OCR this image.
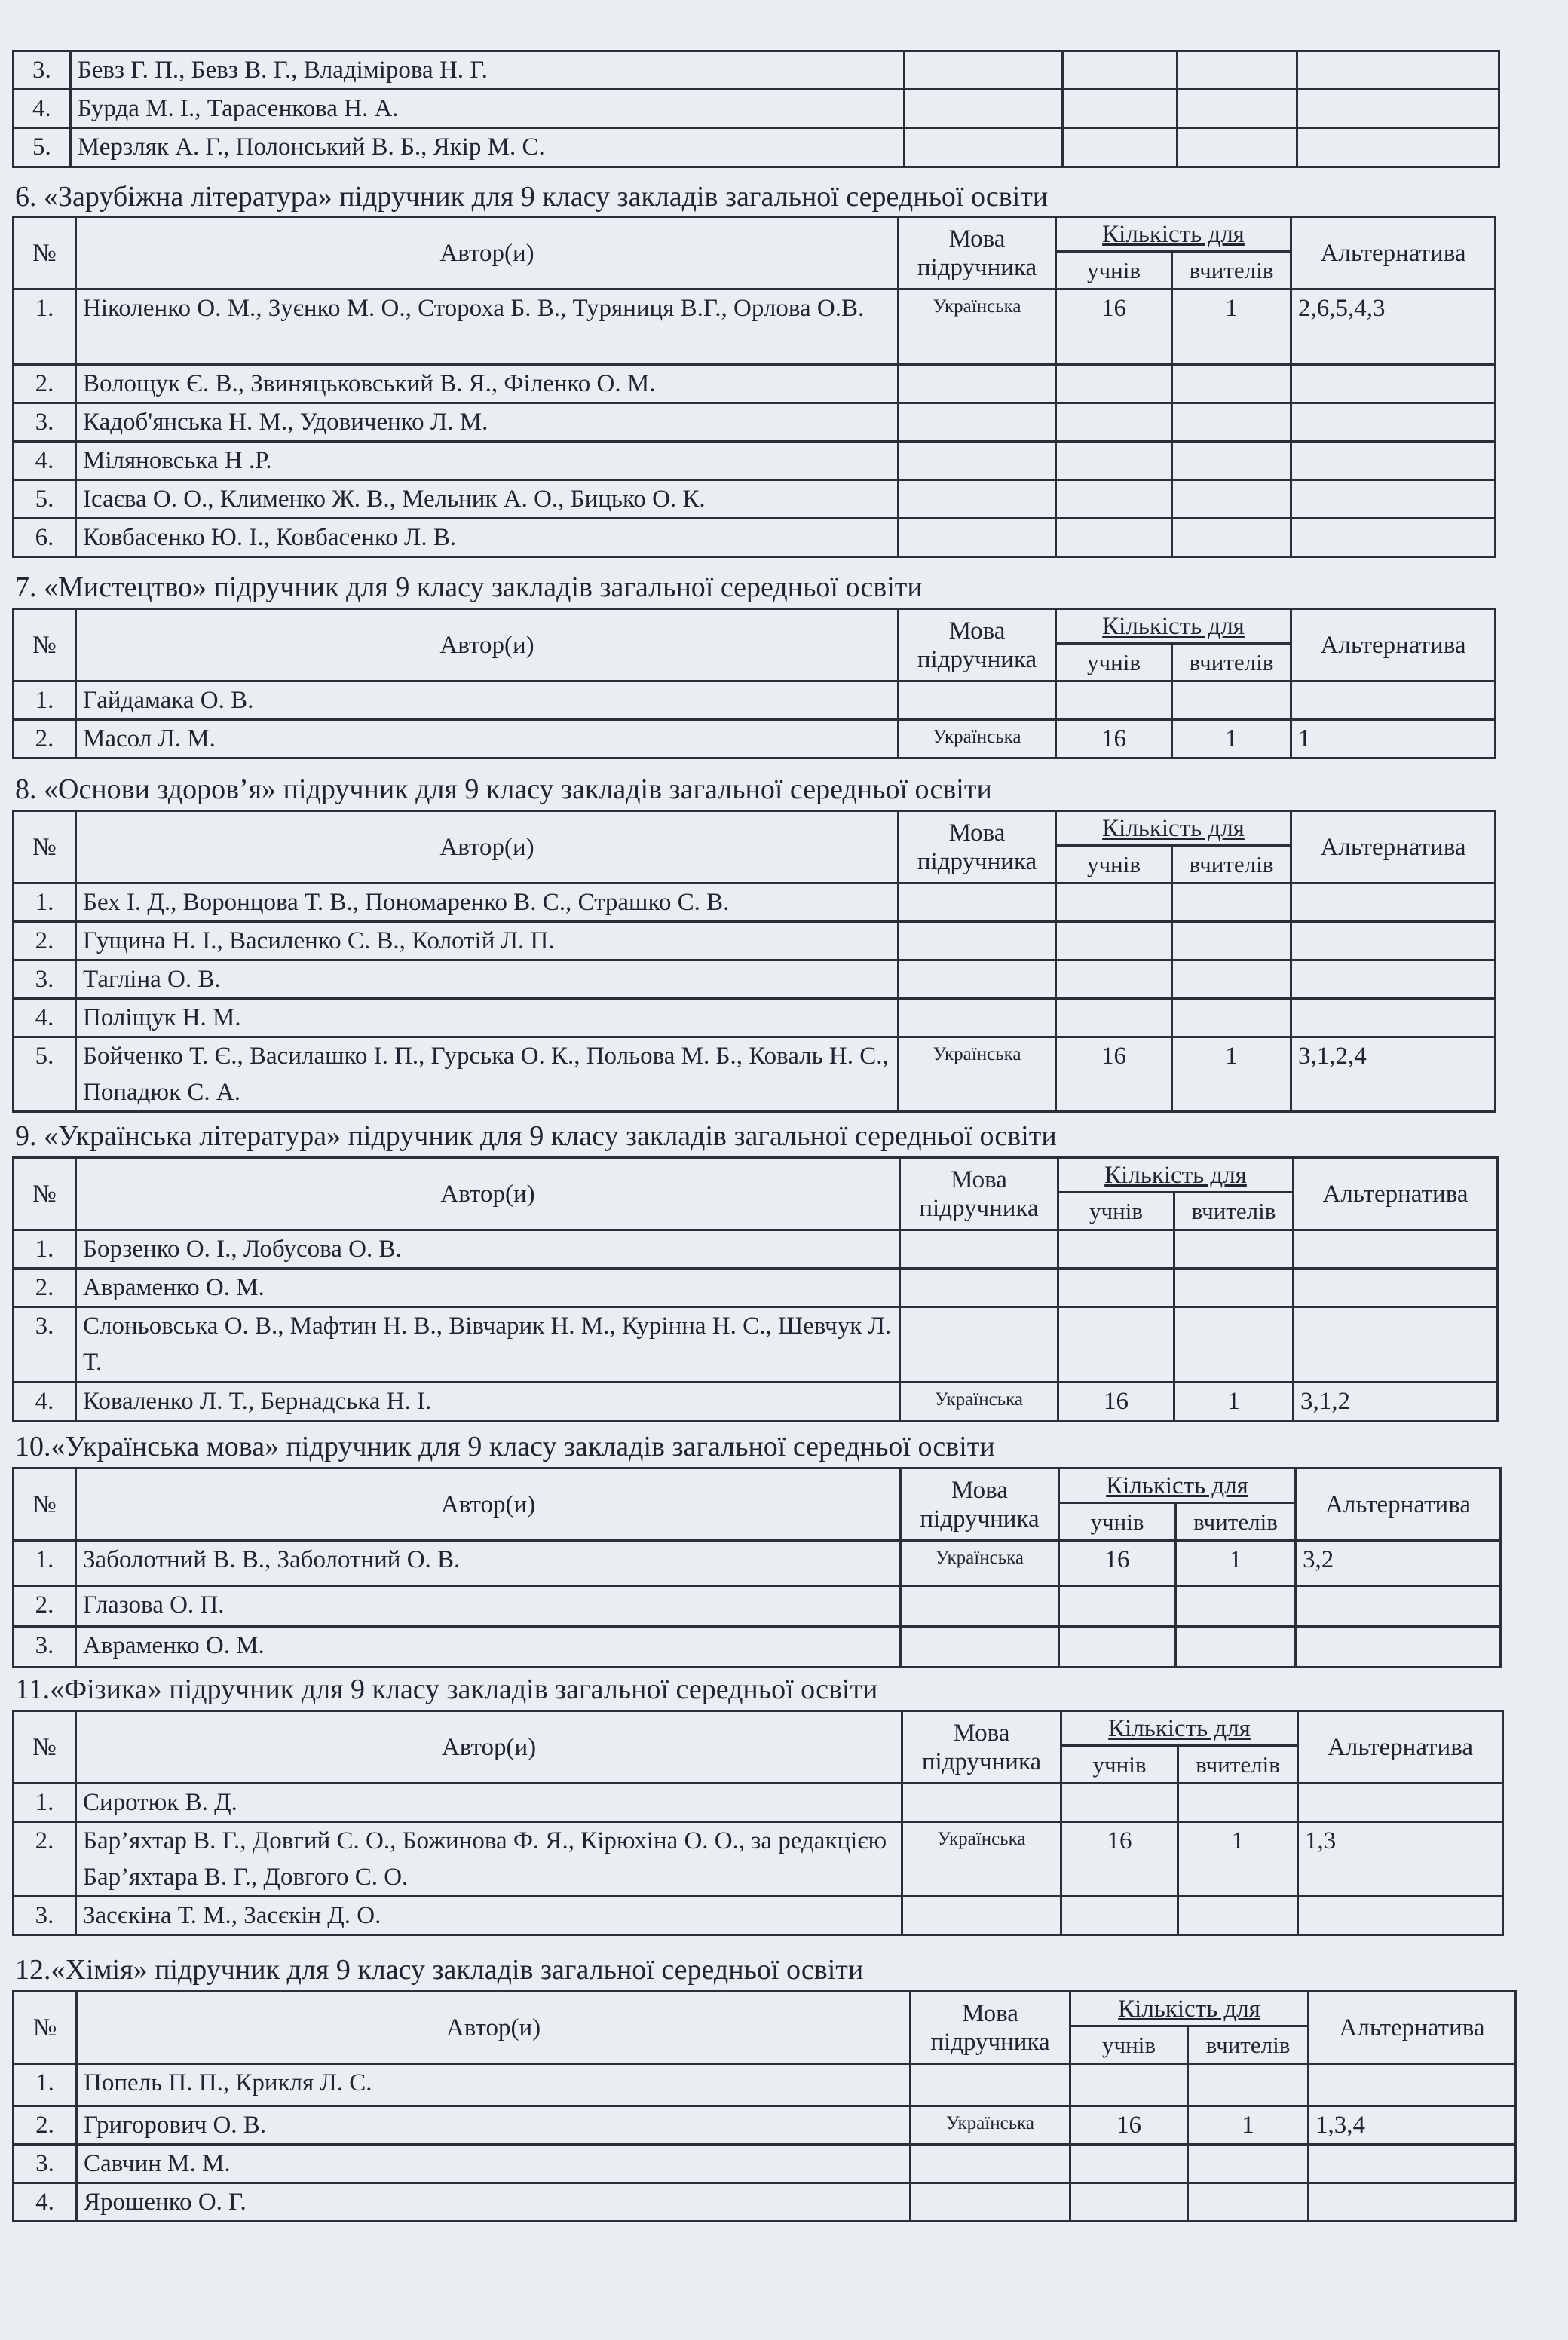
3.	Бевз Г. П., Бевз В. Г., Владімірова Н. Г.				
4.	Бурда М. І., Тарасенкова Н. А.				
5.	Мерзляк А. Г., Полонський В. Б., Якір М. С.				
6. «Зарубіжна література» підручник для 9 класу закладів загальної середньої освіти
№	Автор(и)	Мова підручника	Кількість для		Альтернатива
			учнів	вчителів	
1.	Ніколенко О. М., Зуєнко М. О., Стороха Б. В., Туряниця В.Г., Орлова О.В.	Українська	16	1	2,6,5,4,3
2.	Волощук Є. В., Звиняцьковський В. Я., Філенко О. М.				
3.	Кадоб'янська Н. М., Удовиченко Л. М.				
4.	Міляновська Н .Р.				
5.	Ісаєва О. О., Клименко Ж. В., Мельник А. О., Бицько О. К.				
6.	Ковбасенко Ю. І., Ковбасенко Л. В.				
7. «Мистецтво» підручник для 9 класу закладів загальної середньої освіти
№	Автор(и)	Мова підручника	Кількість для		Альтернатива
			учнів	вчителів	
1.	Гайдамака О. В.				
2.	Масол Л. М.	Українська	16	1	1
8. «Основи здоров’я» підручник для 9 класу закладів загальної середньої освіти
№	Автор(и)	Мова підручника	Кількість для		Альтернатива
			учнів	вчителів	
1.	Бех І. Д., Воронцова Т. В., Пономаренко В. С., Страшко С. В.				
2.	Гущина Н. І., Василенко С. В., Колотій Л. П.				
3.	Тагліна О. В.				
4.	Поліщук Н. М.				
5.	Бойченко Т. Є., Василашко І. П., Гурська О. К., Польова М. Б., Коваль Н. С., Попадюк С. А.	Українська	16	1	3,1,2,4
9. «Українська література» підручник для 9 класу закладів загальної середньої освіти
№	Автор(и)	Мова підручника	Кількість для		Альтернатива
			учнів	вчителів	
1.	Борзенко О. І., Лобусова О. В.				
2.	Авраменко О. М.				
3.	Слоньовська О. В., Мафтин Н. В., Вівчарик Н. М., Курінна Н. С., Шевчук Л. Т.				
4.	Коваленко Л. Т., Бернадська Н. І.	Українська	16	1	3,1,2
10.«Українська мова» підручник для 9 класу закладів загальної середньої освіти
№	Автор(и)	Мова підручника	Кількість для		Альтернатива
			учнів	вчителів	
1.	Заболотний В. В., Заболотний О. В.	Українська	16	1	3,2
2.	Глазова О. П.				
3.	Авраменко О. М.				
11.«Фізика» підручник для 9 класу закладів загальної середньої освіти
№	Автор(и)	Мова підручника	Кількість для		Альтернатива
			учнів	вчителів	
1.	Сиротюк В. Д.				
2.	Бар’яхтар В. Г., Довгий С. О., Божинова Ф. Я., Кірюхіна О. О., за редакцією Бар’яхтара В. Г., Довгого С. О.	Українська	16	1	1,3
3.	Засєкіна Т. М., Засєкін Д. О.				
12.«Хімія» підручник для 9 класу закладів загальної середньої освіти
№	Автор(и)	Мова підручника	Кількість для		Альтернатива
			учнів	вчителів	
1.	Попель П. П., Крикля Л. С.				
2.	Григорович О. В.	Українська	16	1	1,3,4
3.	Савчин М. М.				
4.	Ярошенко О. Г.				
